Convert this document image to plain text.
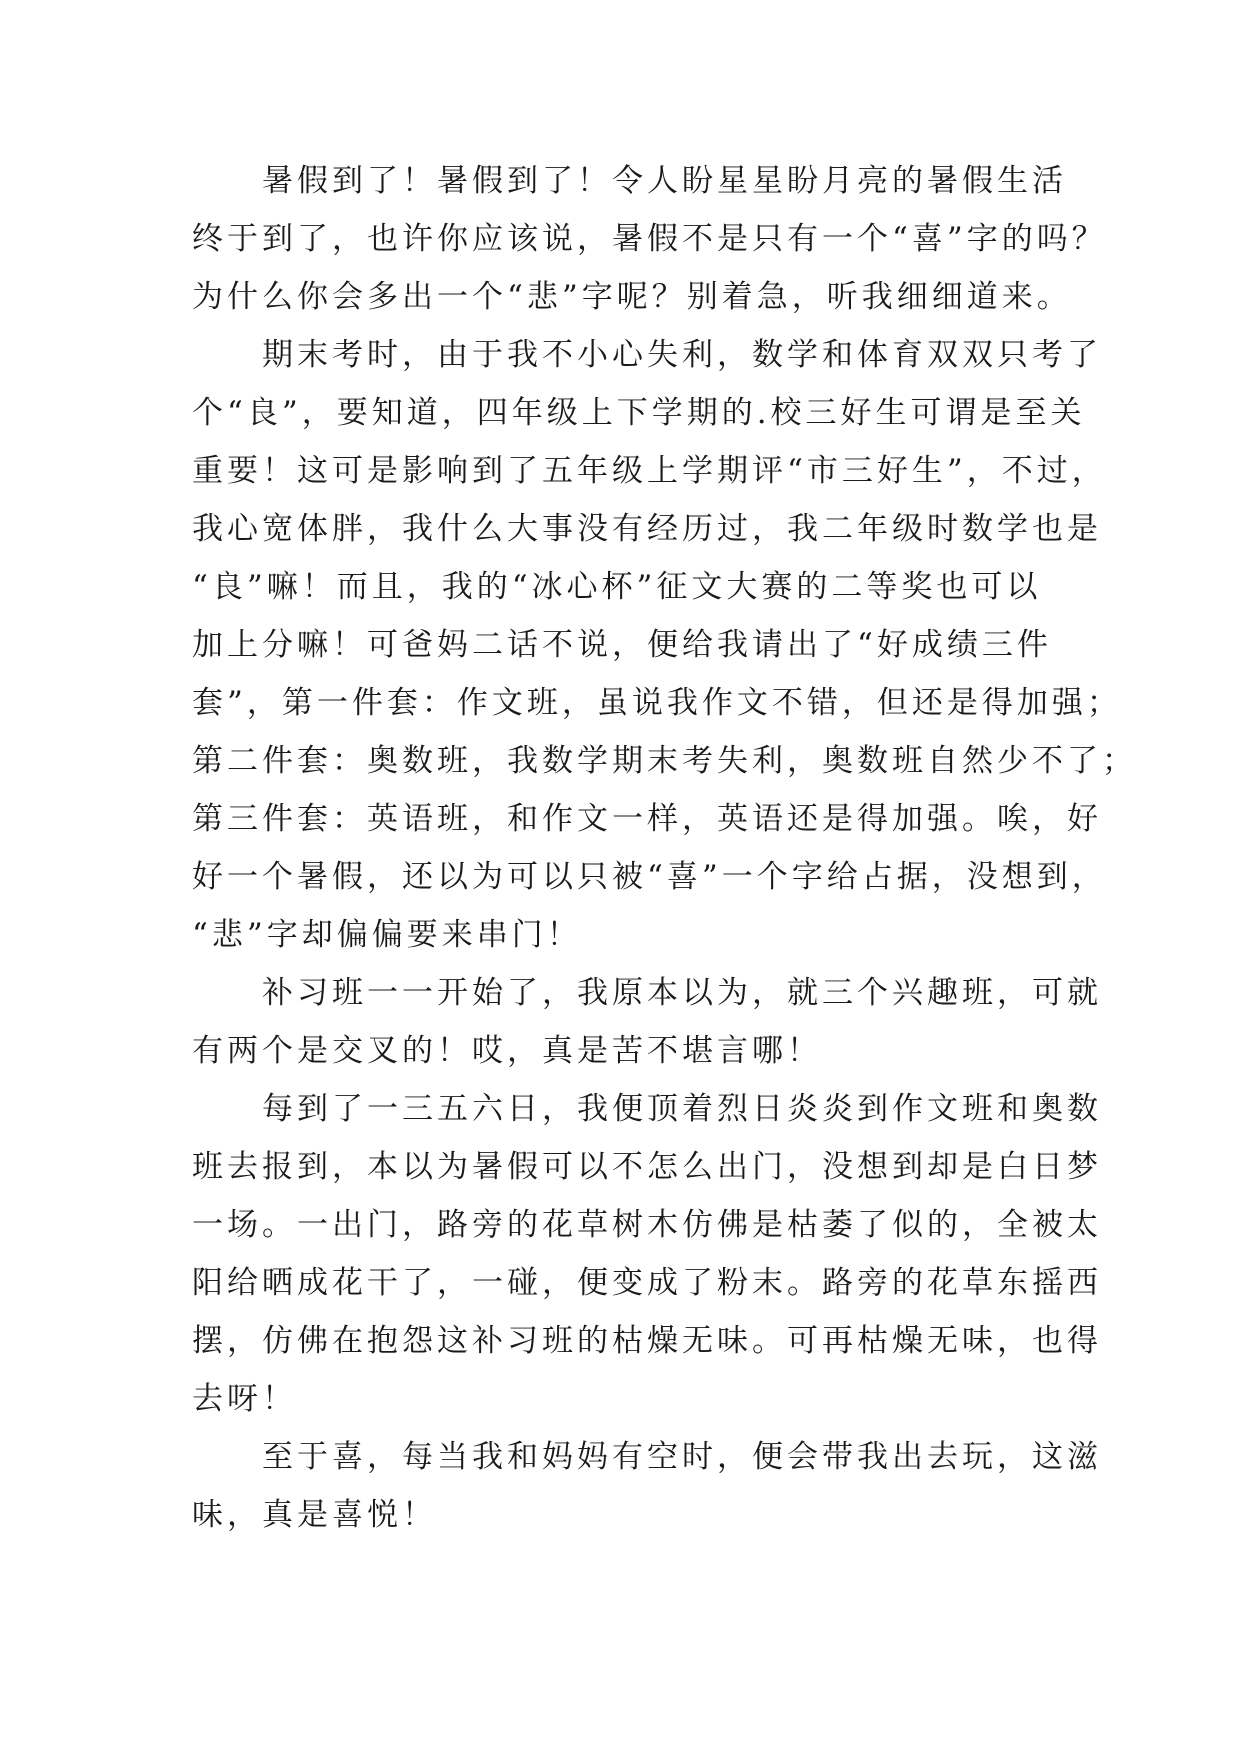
　　暑假到了！暑假到了！令人盼星星盼月亮的暑假生活
终于到了，也许你应该说，暑假不是只有一个“喜”字的吗？
为什么你会多出一个“悲”字呢？别着急，听我细细道来。
　　期末考时，由于我不小心失利，数学和体育双双只考了
个“良”，要知道，四年级上下学期的.校三好生可谓是至关
重要！这可是影响到了五年级上学期评“市三好生”，不过，
我心宽体胖，我什么大事没有经历过，我二年级时数学也是
“良”嘛！而且，我的“冰心杯”征文大赛的二等奖也可以
加上分嘛！可爸妈二话不说，便给我请出了“好成绩三件
套”，第一件套：作文班，虽说我作文不错，但还是得加强；
第二件套：奥数班，我数学期末考失利，奥数班自然少不了；
第三件套：英语班，和作文一样，英语还是得加强。唉，好
好一个暑假，还以为可以只被“喜”一个字给占据，没想到，
“悲”字却偏偏要来串门！
　　补习班一一开始了，我原本以为，就三个兴趣班，可就
有两个是交叉的！哎，真是苦不堪言哪！
　　每到了一三五六日，我便顶着烈日炎炎到作文班和奥数
班去报到，本以为暑假可以不怎么出门，没想到却是白日梦
一场。一出门，路旁的花草树木仿佛是枯萎了似的，全被太
阳给晒成花干了，一碰，便变成了粉末。路旁的花草东摇西
摆，仿佛在抱怨这补习班的枯燥无味。可再枯燥无味，也得
去呀！
　　至于喜，每当我和妈妈有空时，便会带我出去玩，这滋
味，真是喜悦！
